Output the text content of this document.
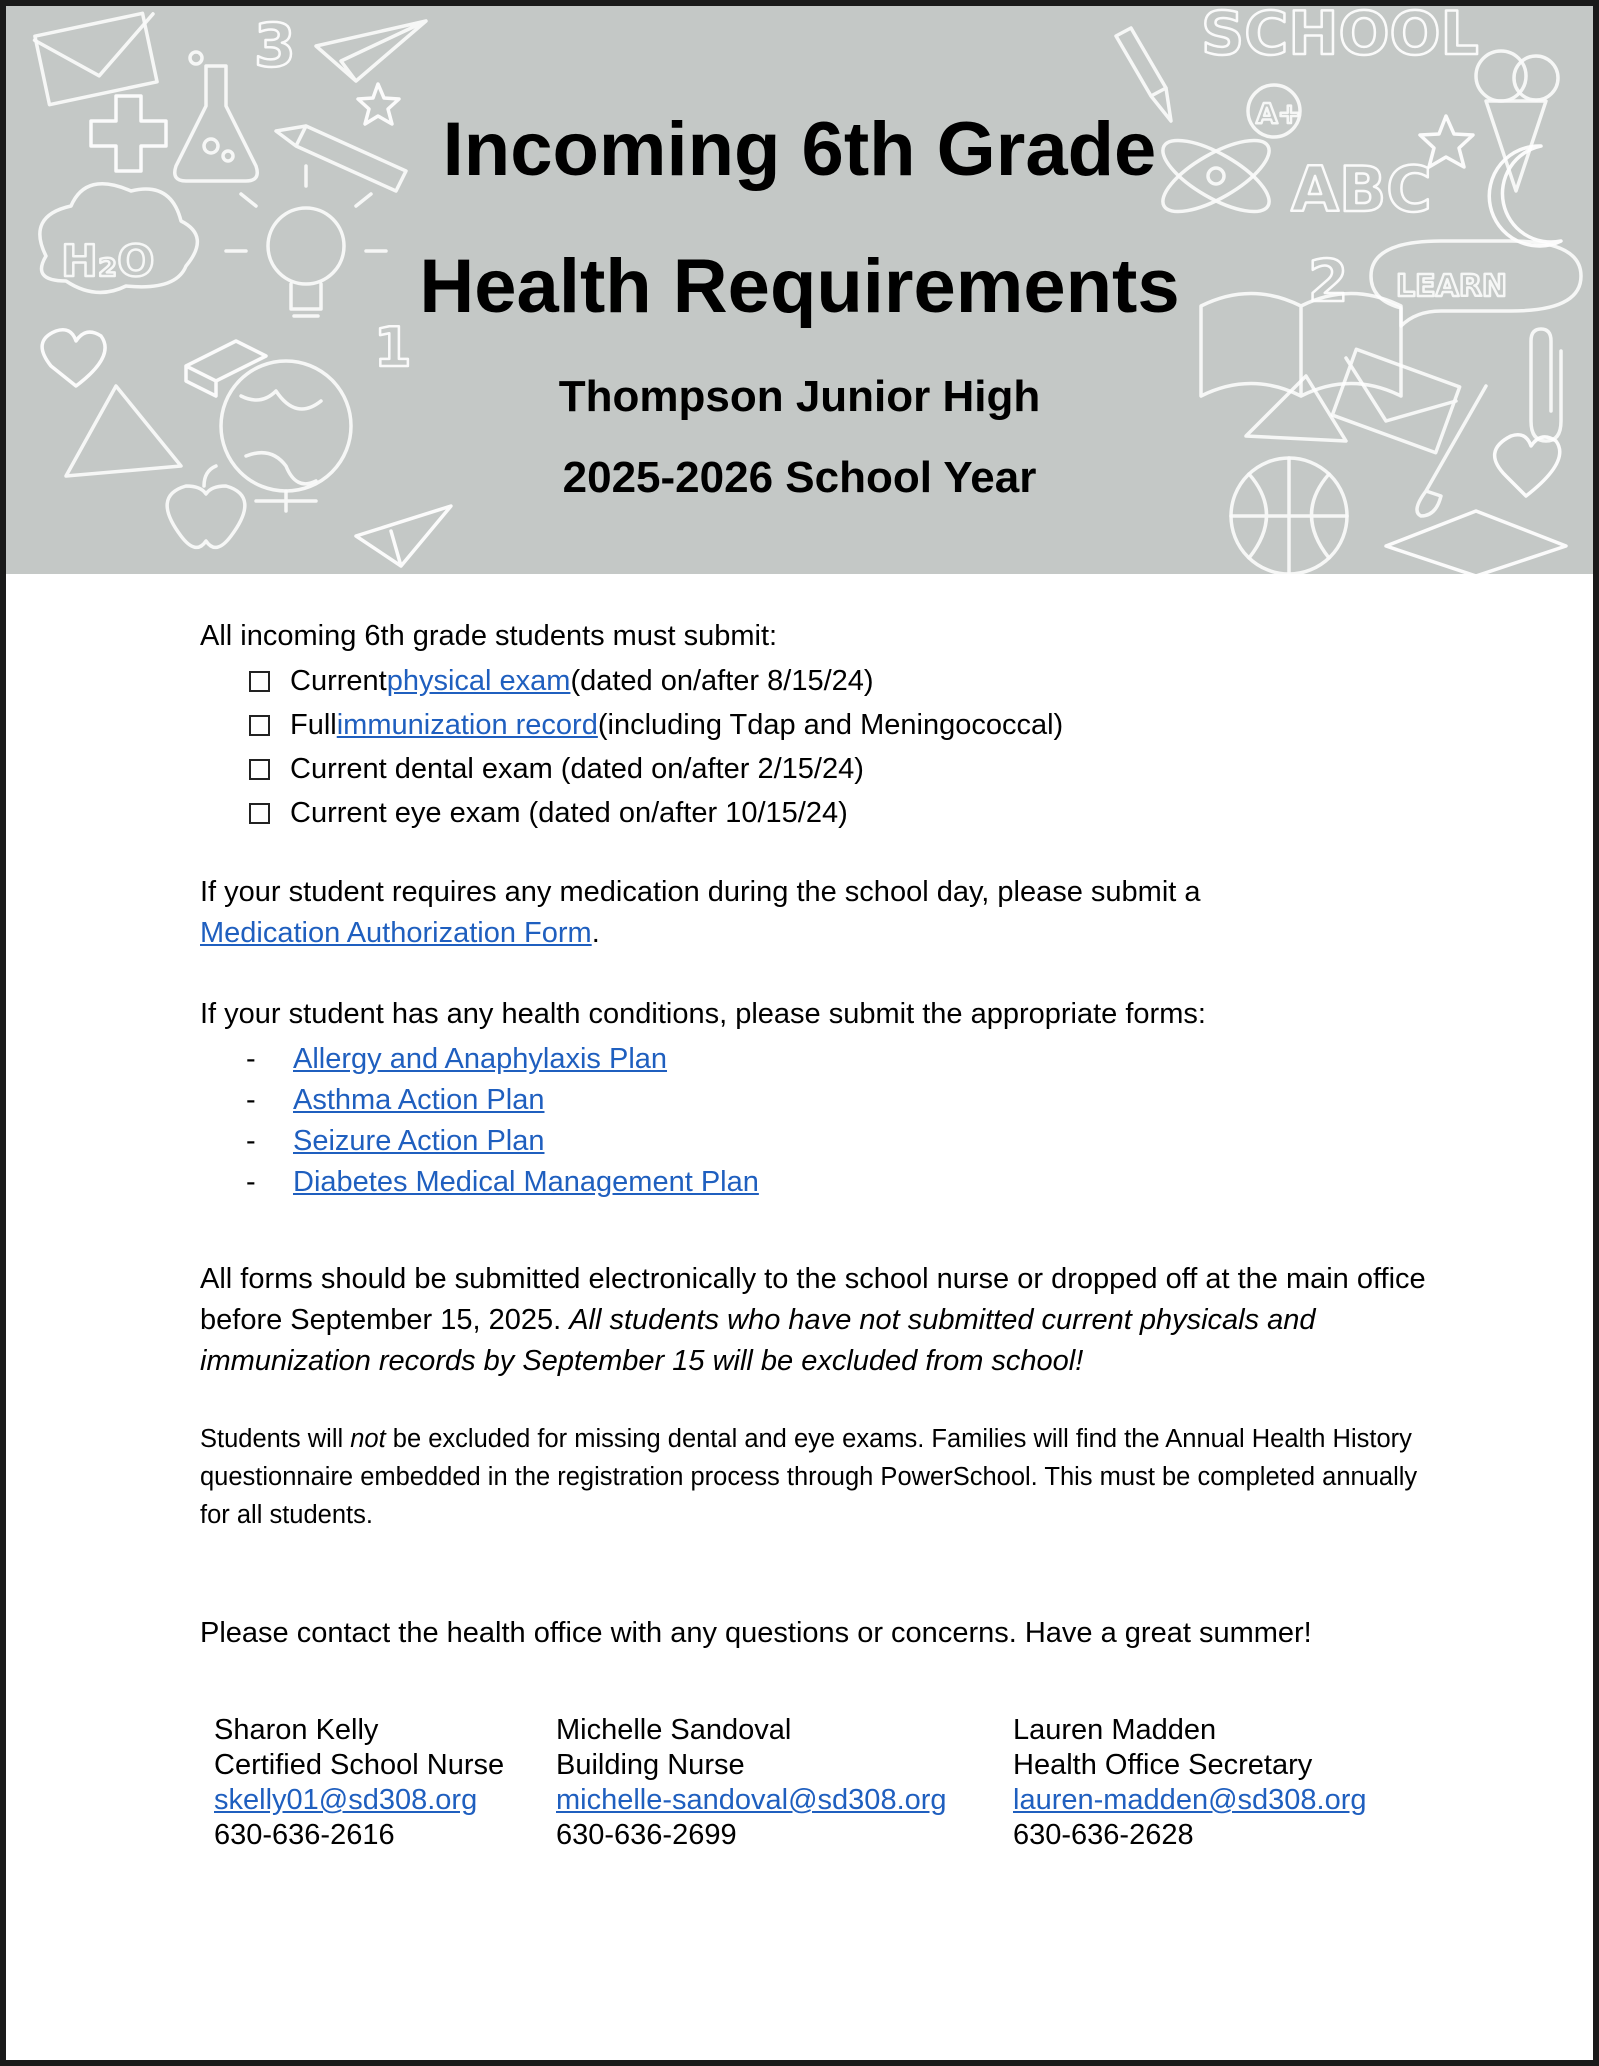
3
H₂O
1
SCHOOL
A+
ABC
2 LEARN
Incoming 6th Grade
Health Requirements
Thompson Junior High
2025-2026 School Year

All incoming 6th grade students must submit:

Current physical exam (dated on/after 8/15/24)
Full immunization record (including Tdap and Meningococcal)
Current dental exam (dated on/after 2/15/24)
Current eye exam (dated on/after 10/15/24)

If your student requires any medication during the school day, please submit a
Medication Authorization Form.

If your student has any health conditions, please submit the appropriate forms:

- Allergy and Anaphylaxis Plan
- Asthma Action Plan
- Seizure Action Plan
- Diabetes Medical Management Plan

All forms should be submitted electronically to the school nurse or dropped off at the main office before September 15, 2025. All students who have not submitted current physicals and immunization records by September 15 will be excluded from school!

Students will not be excluded for missing dental and eye exams. Families will find the Annual Health History questionnaire embedded in the registration process through PowerSchool. This must be completed annually for all students.

Please contact the health office with any questions or concerns. Have a great summer!

Sharon Kelly
Certified School Nurse
skelly01@sd308.org
630-636-2616
Michelle Sandoval
Building Nurse
michelle-sandoval@sd308.org
630-636-2699
Lauren Madden
Health Office Secretary
lauren-madden@sd308.org
630-636-2628
